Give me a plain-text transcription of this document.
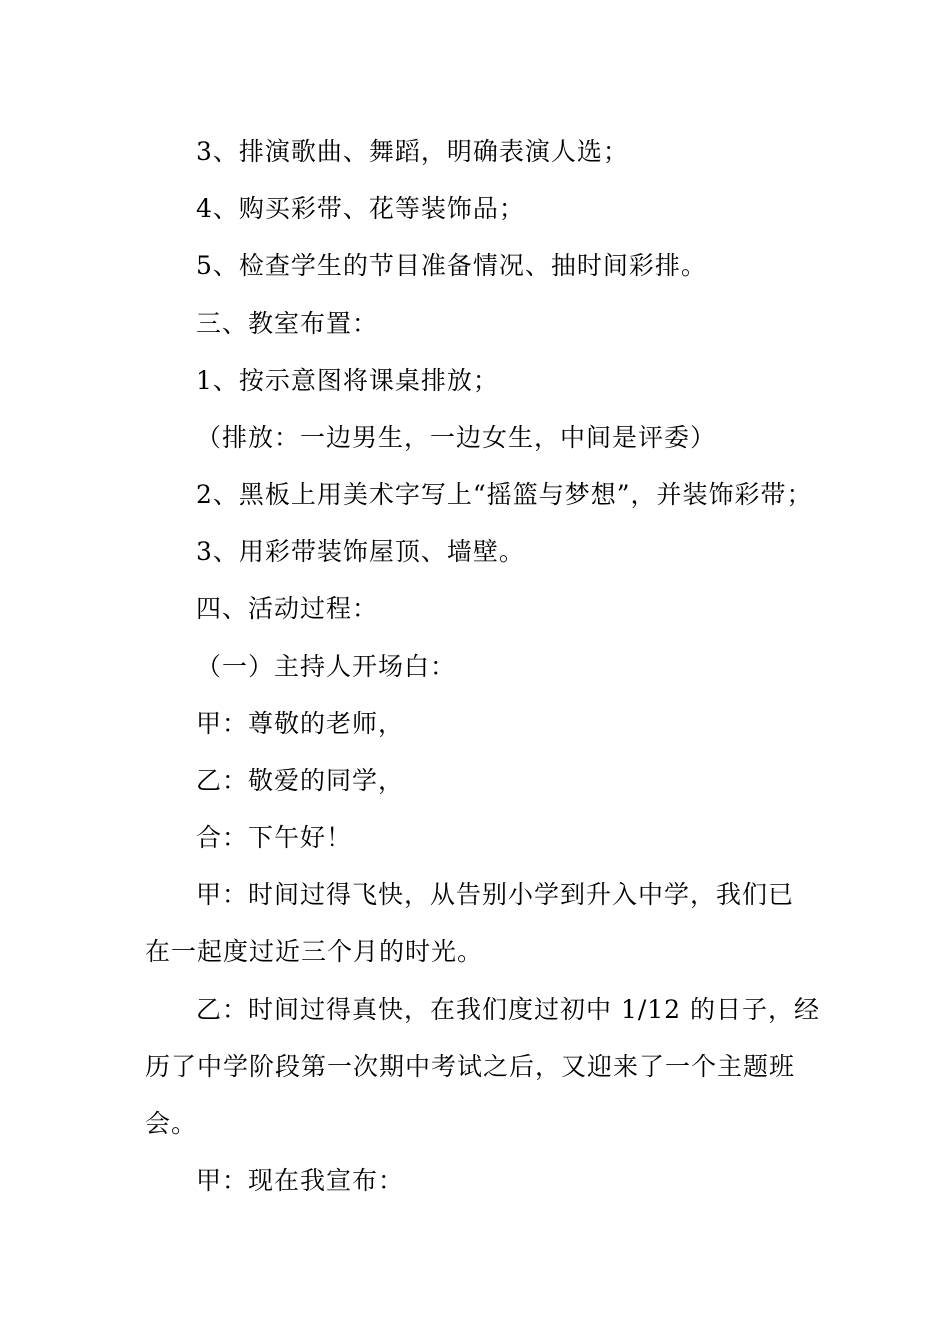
3、排演歌曲、舞蹈，明确表演人选；
4、购买彩带、花等装饰品；
5、检查学生的节目准备情况、抽时间彩排。
三、教室布置：
1、按示意图将课桌排放；
（排放：一边男生，一边女生，中间是评委）
2、黑板上用美术字写上“摇篮与梦想”，并装饰彩带；
3、用彩带装饰屋顶、墙壁。
四、活动过程：
（一）主持人开场白：
甲：尊敬的老师，
乙：敬爱的同学，
合：下午好！
甲：时间过得飞快，从告别小学到升入中学，我们已
在一起度过近三个月的时光。
乙：时间过得真快，在我们度过初中 1/12 的日子，经
历了中学阶段第一次期中考试之后，又迎来了一个主题班
会。
甲：现在我宣布：
